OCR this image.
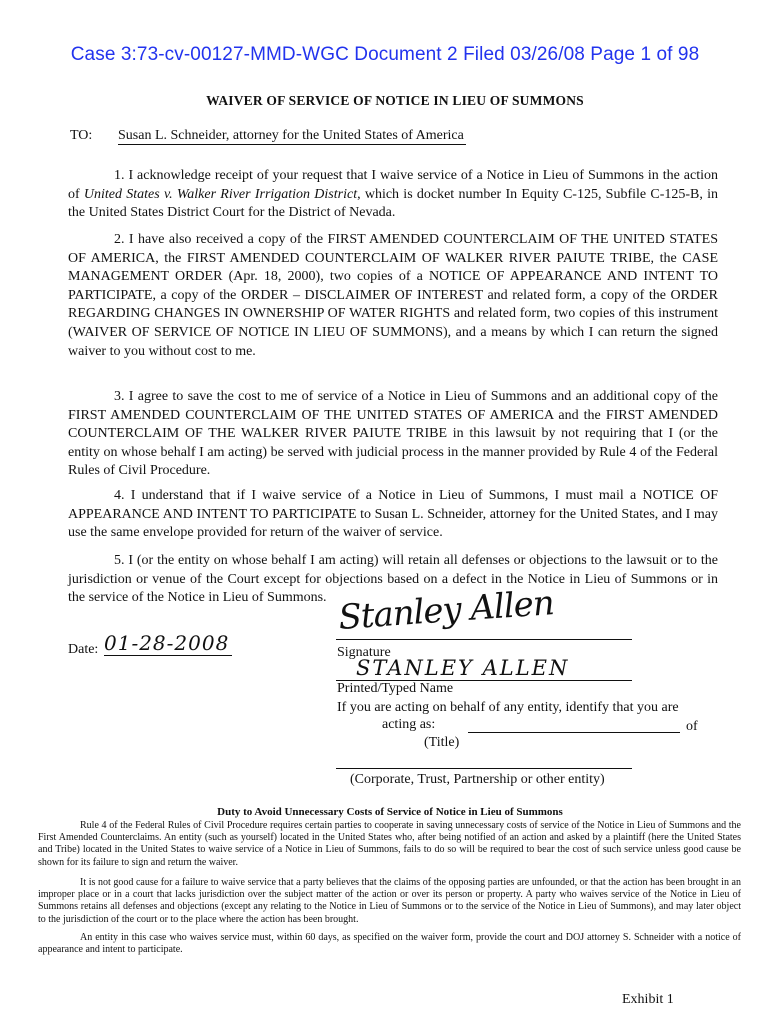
Case 3:73-cv-00127-MMD-WGC Document 2 Filed 03/26/08 Page 1 of 98
WAIVER OF SERVICE OF NOTICE IN LIEU OF SUMMONS
TO: Susan L. Schneider, attorney for the United States of America
1. I acknowledge receipt of your request that I waive service of a Notice in Lieu of Summons in the action of United States v. Walker River Irrigation District, which is docket number In Equity C-125, Subfile C-125-B, in the United States District Court for the District of Nevada.
2. I have also received a copy of the FIRST AMENDED COUNTERCLAIM OF THE UNITED STATES OF AMERICA, the FIRST AMENDED COUNTERCLAIM OF WALKER RIVER PAIUTE TRIBE, the CASE MANAGEMENT ORDER (Apr. 18, 2000), two copies of a NOTICE OF APPEARANCE AND INTENT TO PARTICIPATE, a copy of the ORDER – DISCLAIMER OF INTEREST and related form, a copy of the ORDER REGARDING CHANGES IN OWNERSHIP OF WATER RIGHTS and related form, two copies of this instrument (WAIVER OF SERVICE OF NOTICE IN LIEU OF SUMMONS), and a means by which I can return the signed waiver to you without cost to me.
3. I agree to save the cost to me of service of a Notice in Lieu of Summons and an additional copy of the FIRST AMENDED COUNTERCLAIM OF THE UNITED STATES OF AMERICA and the FIRST AMENDED COUNTERCLAIM OF THE WALKER RIVER PAIUTE TRIBE in this lawsuit by not requiring that I (or the entity on whose behalf I am acting) be served with judicial process in the manner provided by Rule 4 of the Federal Rules of Civil Procedure.
4. I understand that if I waive service of a Notice in Lieu of Summons, I must mail a NOTICE OF APPEARANCE AND INTENT TO PARTICIPATE to Susan L. Schneider, attorney for the United States, and I may use the same envelope provided for return of the waiver of service.
5. I (or the entity on whose behalf I am acting) will retain all defenses or objections to the lawsuit or to the jurisdiction or venue of the Court except for objections based on a defect in the Notice in Lieu of Summons or in the service of the Notice in Lieu of Summons.
Date: 01-28-2008
Stanley Allen
Signature
STANLEY ALLEN
Printed/Typed Name
If you are acting on behalf of any entity, identify that you are
acting as:	of
(Title)
(Corporate, Trust, Partnership or other entity)
Duty to Avoid Unnecessary Costs of Service of Notice in Lieu of Summons
Rule 4 of the Federal Rules of Civil Procedure requires certain parties to cooperate in saving unnecessary costs of service of the Notice in Lieu of Summons and the First Amended Counterclaims. An entity (such as yourself) located in the United States who, after being notified of an action and asked by a plaintiff (here the United States and Tribe) located in the United States to waive service of a Notice in Lieu of Summons, fails to do so will be required to bear the cost of such service unless good cause be shown for its failure to sign and return the waiver.
It is not good cause for a failure to waive service that a party believes that the claims of the opposing parties are unfounded, or that the action has been brought in an improper place or in a court that lacks jurisdiction over the subject matter of the action or over its person or property. A party who waives service of the Notice in Lieu of Summons retains all defenses and objections (except any relating to the Notice in Lieu of Summons or to the service of the Notice in Lieu of Summons), and may later object to the jurisdiction of the court or to the place where the action has been brought.
An entity in this case who waives service must, within 60 days, as specified on the waiver form, provide the court and DOJ attorney S. Schneider with a notice of appearance and intent to participate.
Exhibit 1
